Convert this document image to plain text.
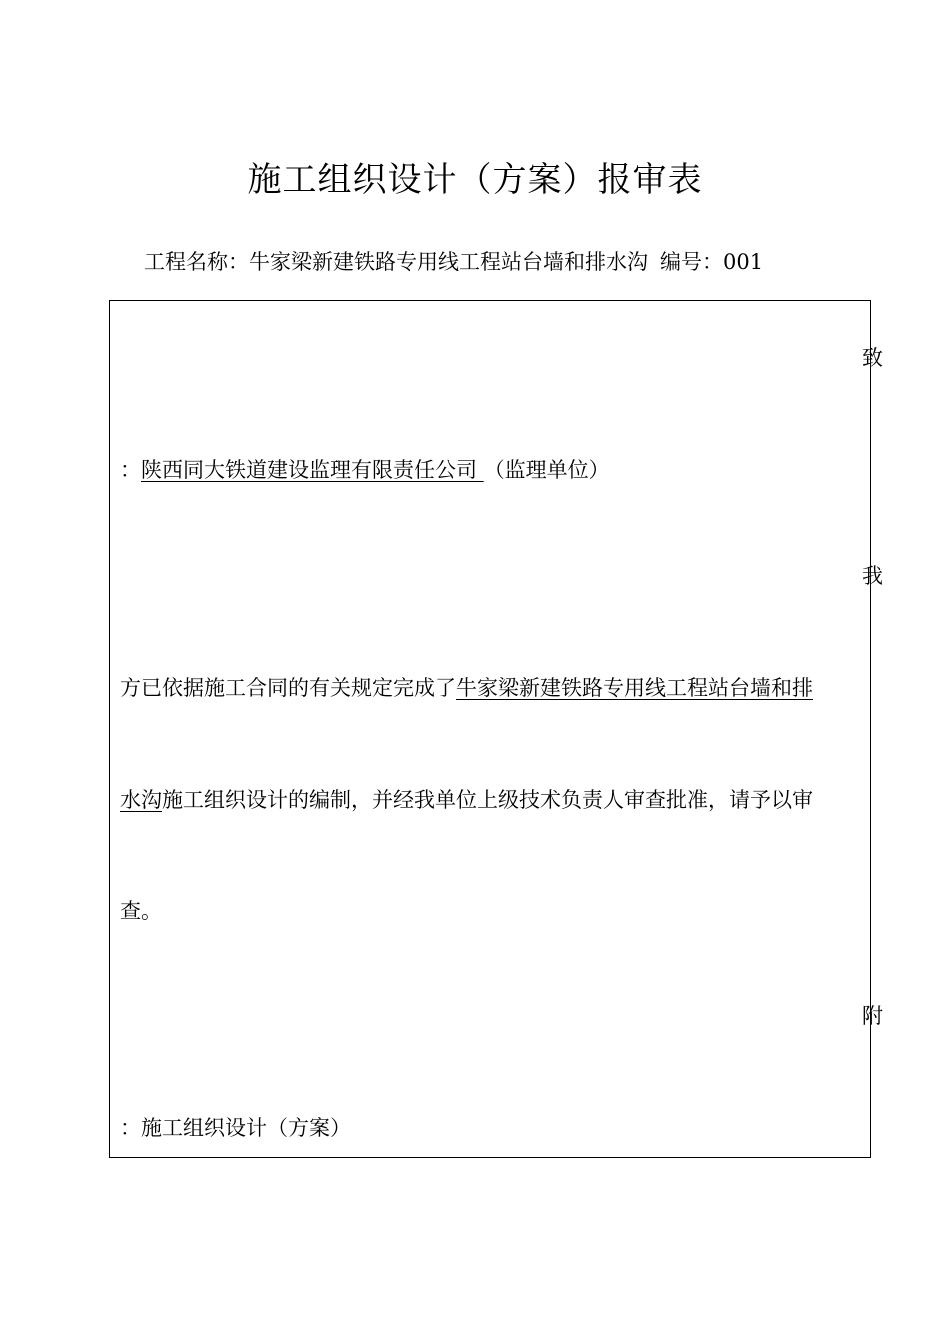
施工组织设计（方案）报审表
工程名称：牛家梁新建铁路专用线工程站台墙和排水沟 编号：001
致
：陕西同大铁道建设监理有限责任公司 （监理单位）
我
方已依据施工合同的有关规定完成了牛家梁新建铁路专用线工程站台墙和排
水沟施工组织设计的编制，并经我单位上级技术负责人审查批准，请予以审
查。
附
：施工组织设计（方案）
